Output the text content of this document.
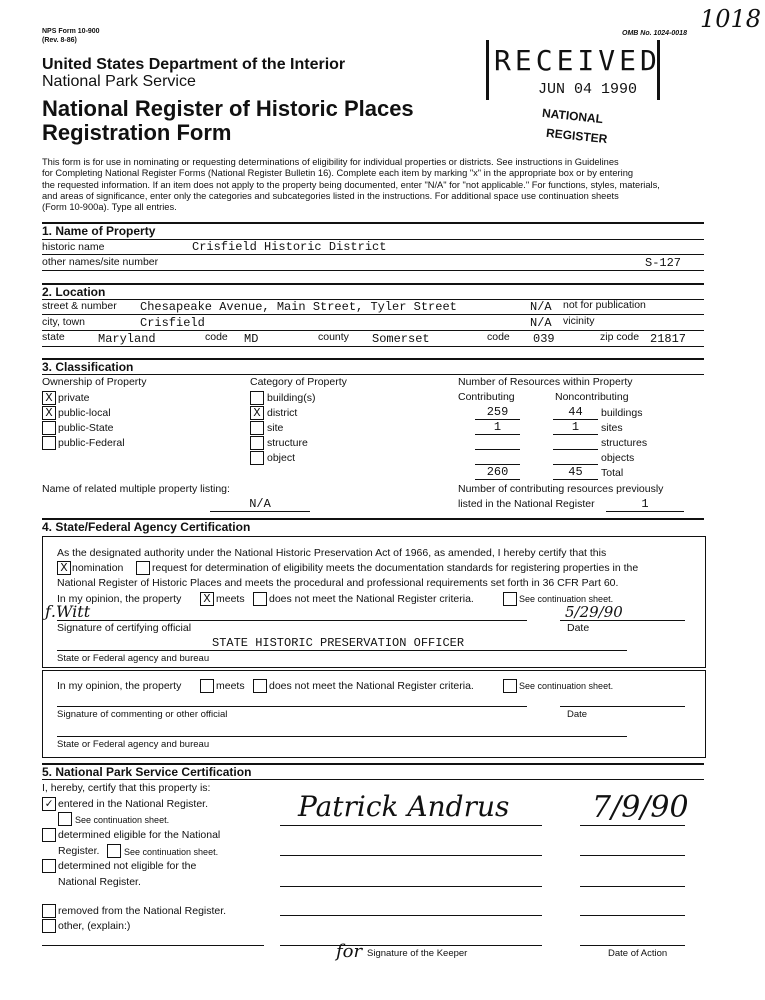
NPS Form 10-900
(Rev. 8-86)
OMB No. 1024-0018
1018
RECEIVED
JUN 04 1990
NATIONAL
REGISTER
United States Department of the Interior
National Park Service
National Register of Historic Places
Registration Form
This form is for use in nominating or requesting determinations of eligibility for individual properties or districts. See instructions in Guidelines
for Completing National Register Forms (National Register Bulletin 16). Complete each item by marking "x" in the appropriate box or by entering
the requested information. If an item does not apply to the property being documented, enter "N/A" for "not applicable." For functions, styles, materials,
and areas of significance, enter only the categories and subcategories listed in the instructions. For additional space use continuation sheets
(Form 10-900a). Type all entries.
1. Name of Property
historic name	Crisfield Historic District
other names/site number	S-127
2. Location
street & number Chesapeake Avenue, Main Street, Tyler Street	N/A not for publication
city, town	Crisfield	N/A vicinity
state	Maryland	code MD	county Somerset	code 039	zip code 21817
3. Classification
Ownership of Property	Category of Property	Number of Resources within Property
X private
X public-local
public-State
public-Federal
building(s)
X district
site
structure
object
Contributing	Noncontributing
259	44	buildings
1	1	sites
structures
objects
260	45	Total
Name of related multiple property listing:
N/A
Number of contributing resources previously
listed in the National Register	1
4. State/Federal Agency Certification
As the designated authority under the National Historic Preservation Act of 1966, as amended, I hereby certify that this
X nomination	request for determination of eligibility meets the documentation standards for registering properties in the
National Register of Historic Places and meets the procedural and professional requirements set forth in 36 CFR Part 60.
In my opinion, the property X meets does not meet the National Register criteria.	See continuation sheet.
ƒ.Witt	5/29/90
Signature of certifying official	Date
STATE HISTORIC PRESERVATION OFFICER
State or Federal agency and bureau
In my opinion, the property	meets does not meet the National Register criteria.	See continuation sheet.
Signature of commenting or other official	Date
State or Federal agency and bureau
5. National Park Service Certification
I, hereby, certify that this property is:
✓ entered in the National Register.
See continuation sheet.
determined eligible for the National
Register.	See continuation sheet.
determined not eligible for the
National Register.
removed from the National Register.
other, (explain:)
Patrick Andrus	7/9/90
for Signature of the Keeper	Date of Action
